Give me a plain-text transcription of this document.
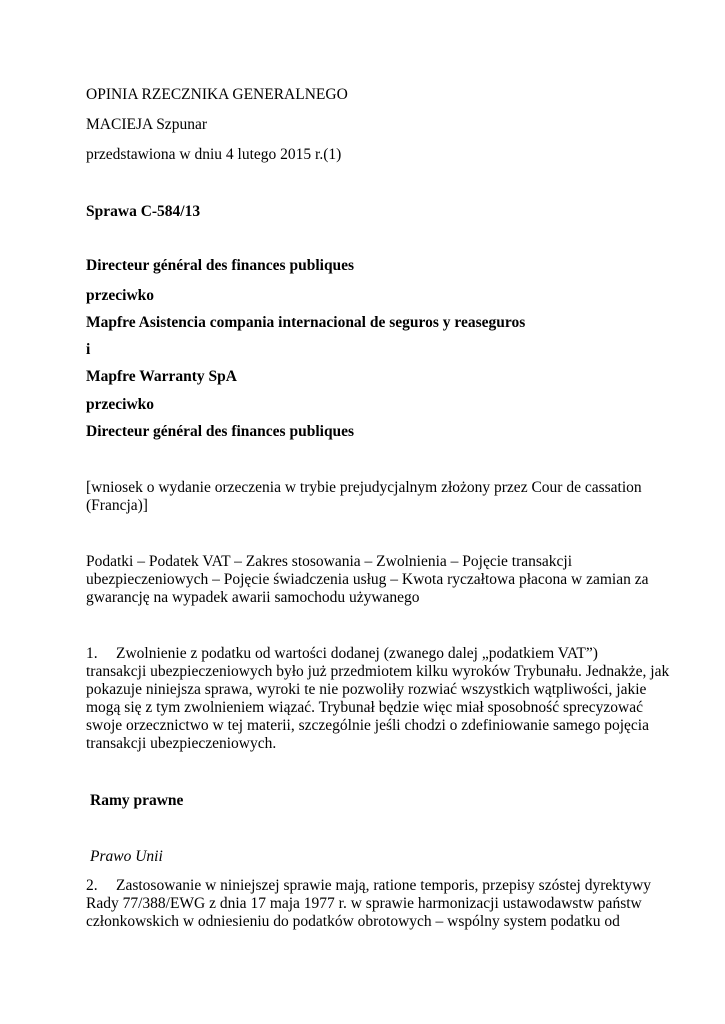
OPINIA RZECZNIKA GENERALNEGO

MACIEJA Szpunar

przedstawiona w dniu 4 lutego 2015 r.(1)

Sprawa C‑584/13

Directeur général des finances publiques

przeciwko

Mapfre Asistencia compania internacional de seguros y reaseguros

i

Mapfre Warranty SpA

przeciwko

Directeur général des finances publiques

[wniosek o wydanie orzeczenia w trybie prejudycjalnym złożony przez Cour de cassation
(Francja)]
Podatki – Podatek VAT – Zakres stosowania – Zwolnienia – Pojęcie transakcji
ubezpieczeniowych – Pojęcie świadczenia usług – Kwota ryczałtowa płacona w zamian za
gwarancję na wypadek awarii samochodu używanego
1. Zwolnienie z podatku od wartości dodanej (zwanego dalej „podatkiem VAT”)
transakcji ubezpieczeniowych było już przedmiotem kilku wyroków Trybunału. Jednakże, jak
pokazuje niniejsza sprawa, wyroki te nie pozwoliły rozwiać wszystkich wątpliwości, jakie
mogą się z tym zwolnieniem wiązać. Trybunał będzie więc miał sposobność sprecyzować
swoje orzecznictwo w tej materii, szczególnie jeśli chodzi o zdefiniowanie samego pojęcia
transakcji ubezpieczeniowych.

Ramy prawne

Prawo Unii

2. Zastosowanie w niniejszej sprawie mają, ratione temporis, przepisy szóstej dyrektywy
Rady 77/388/EWG z dnia 17 maja 1977 r. w sprawie harmonizacji ustawodawstw państw
członkowskich w odniesieniu do podatków obrotowych – wspólny system podatku od
